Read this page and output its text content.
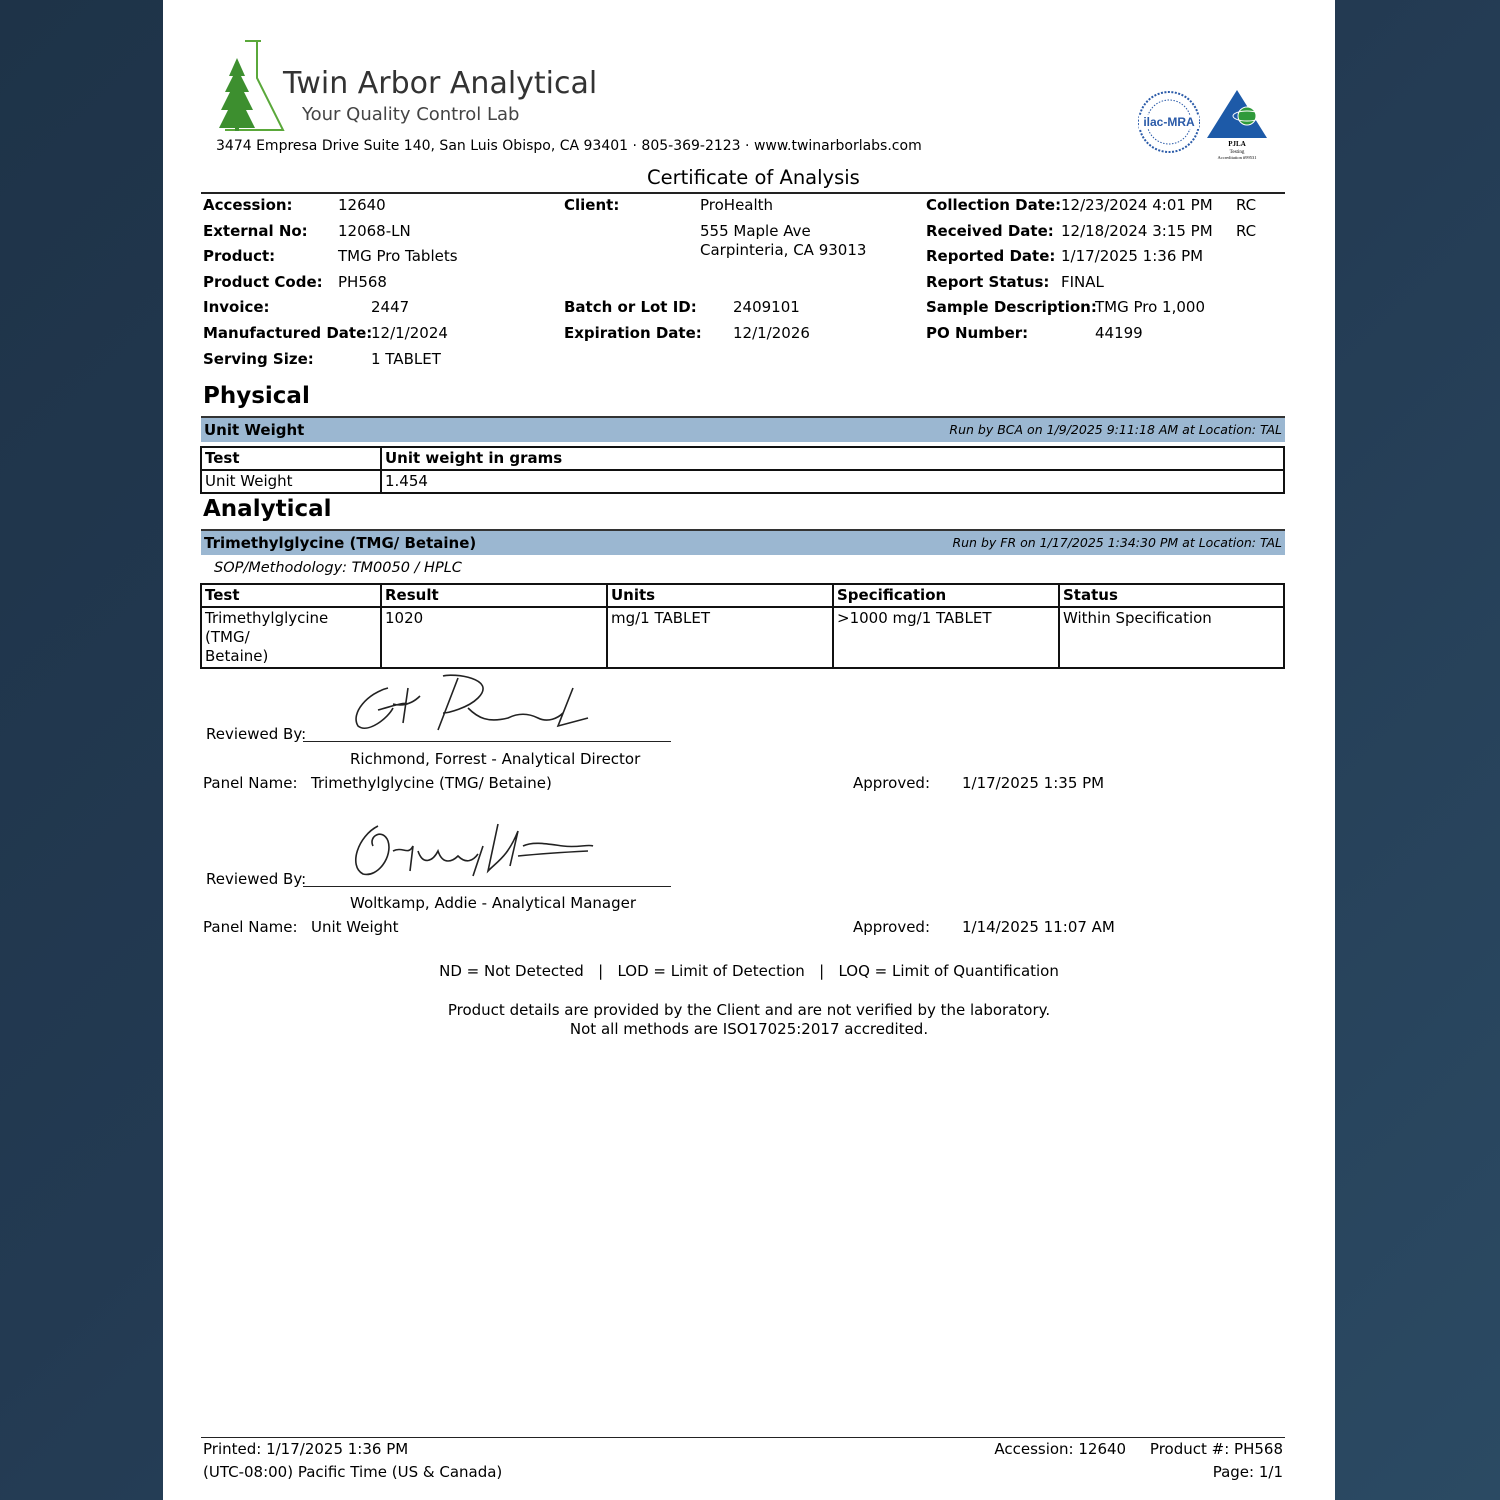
Twin Arbor Analytical
Your Quality Control Lab
3474 Empresa Drive Suite 140, San Luis Obispo, CA 93401 · 805-369-2123 · www.twinarborlabs.com
ilac-MRA
PJLA
Testing
Accreditation #99531
Certificate of Analysis
Accession:	12640
External No: 12068-LN
Product:	TMG Pro Tablets
Product Code: PH568
Invoice:	2447
Manufactured Date:
12/1/2024
Serving Size:	1 TABLET
Client:	ProHealth
555 Maple Ave
Carpinteria, CA 93013
Batch or Lot ID: 2409101
Expiration Date: 12/1/2026
Collection Date: 12/23/2024 4:01 PM RC
Received Date: 12/18/2024 3:15 PM RC
Reported Date: 1/17/2025 1:36 PM
Report Status: FINAL
Sample Description:
TMG Pro 1,000
PO Number:	44199
Physical
Unit Weight	Run by BCA on 1/9/2025 9:11:18 AM at Location: TAL
Test	Unit weight in grams
Unit Weight	1.454
Analytical
Trimethylglycine (TMG/ Betaine)	Run by FR on 1/17/2025 1:34:30 PM at Location: TAL
SOP/Methodology: TM0050 / HPLC
Test	Result	Units	Specification	Status
Trimethylglycine (TMG/
Betaine)	1020	mg/1 TABLET	>1000 mg/1 TABLET	Within Specification
Reviewed By:
Richmond, Forrest - Analytical Director
Panel Name: Trimethylglycine (TMG/ Betaine)	Approved: 1/17/2025 1:35 PM
Reviewed By:
Woltkamp, Addie - Analytical Manager
Panel Name: Unit Weight	Approved: 1/14/2025 11:07 AM
ND = Not Detected   |   LOD = Limit of Detection   |   LOQ = Limit of Quantification
Product details are provided by the Client and are not verified by the laboratory.
Not all methods are ISO17025:2017 accredited.
Printed: 1/17/2025 1:36 PM
(UTC-08:00) Pacific Time (US & Canada)
Accession: 12640     Product #: PH568
Page: 1/1
